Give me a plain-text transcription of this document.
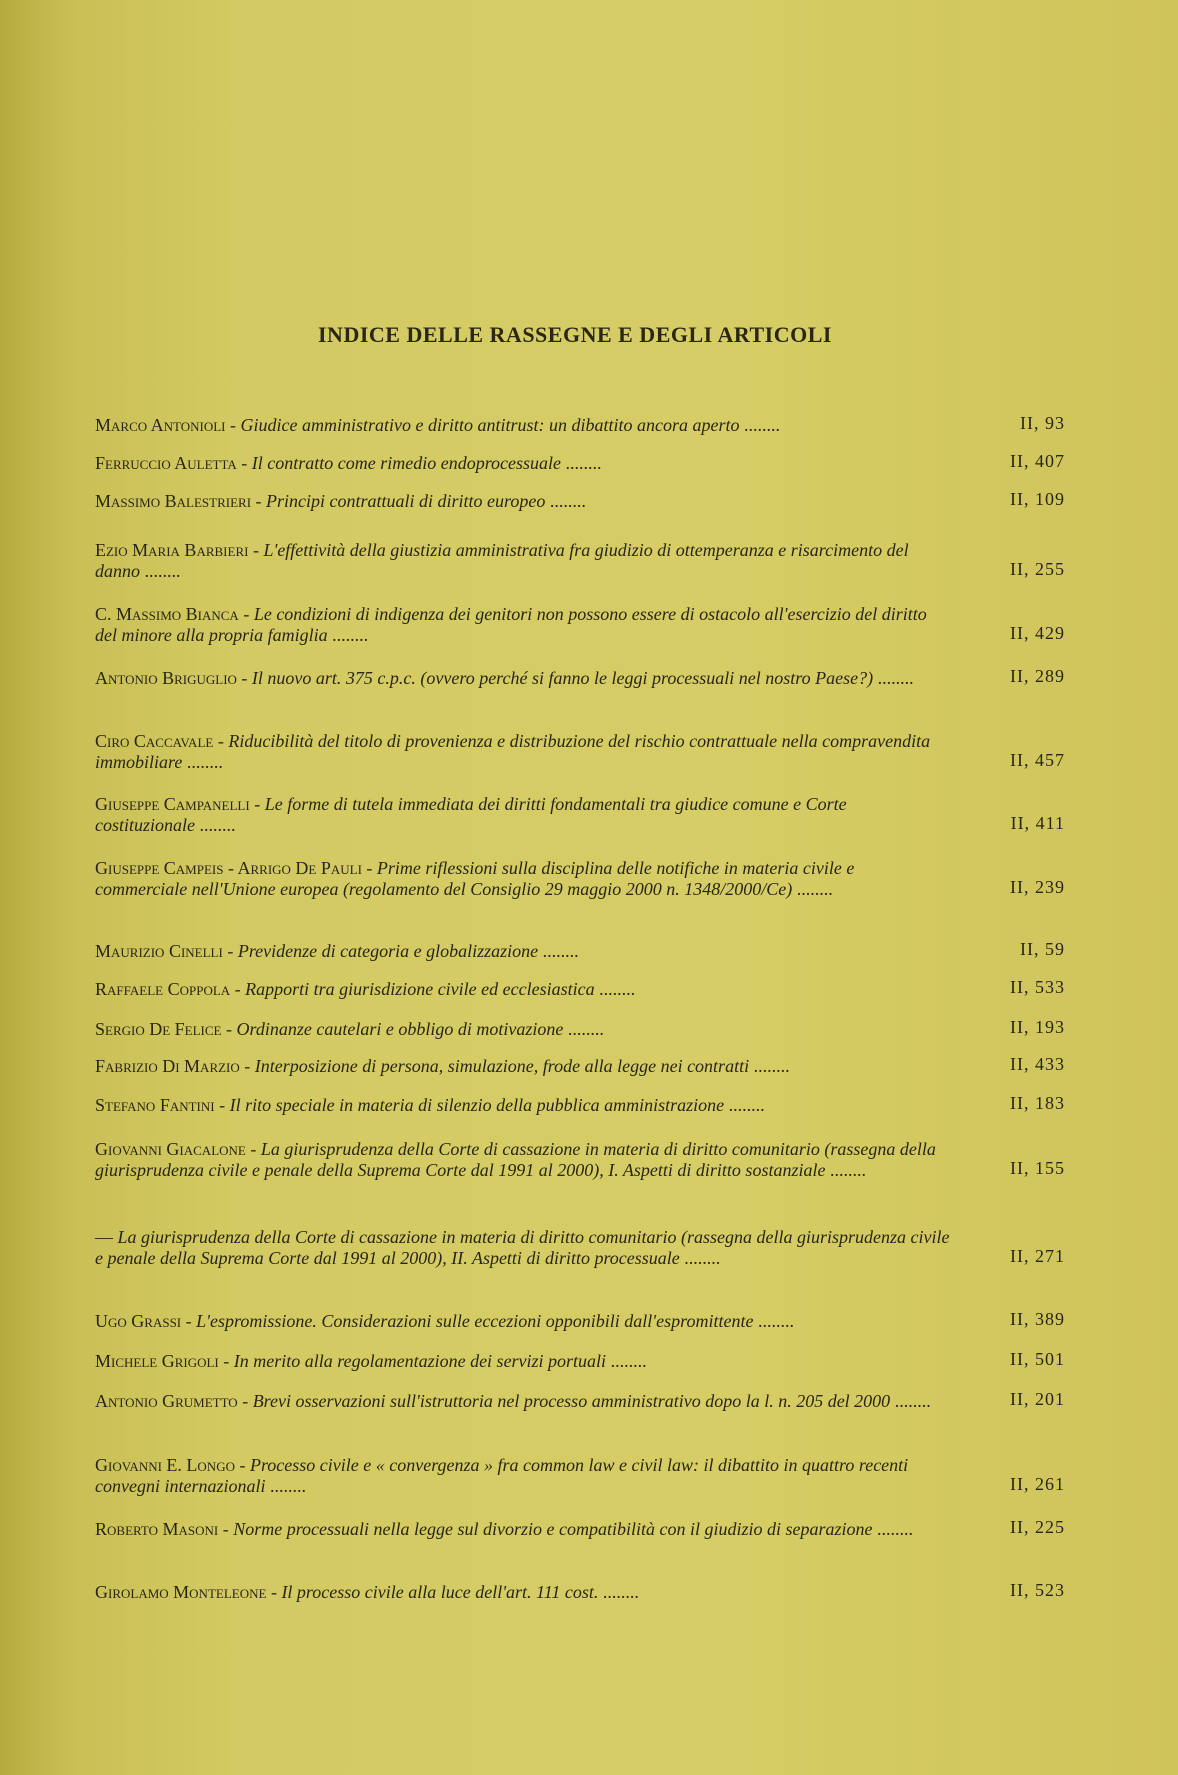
INDICE DELLE RASSEGNE E DEGLI ARTICOLI
Marco Antonioli - Giudice amministrativo e diritto antitrust: un dibattito ancora aperto ........	II, 93
Ferruccio Auletta - Il contratto come rimedio endoprocessuale ........	II, 407
Massimo Balestrieri - Principi contrattuali di diritto europeo ........	II, 109
Ezio Maria Barbieri - L'effettività della giustizia amministrativa fra giudizio di ottemperanza e risarcimento del danno ........	II, 255
C. Massimo Bianca - Le condizioni di indigenza dei genitori non possono essere di ostacolo all'esercizio del diritto del minore alla propria famiglia ........	II, 429
Antonio Briguglio - Il nuovo art. 375 c.p.c. (ovvero perché si fanno le leggi processuali nel nostro Paese?) ........	II, 289
Ciro Caccavale - Riducibilità del titolo di provenienza e distribuzione del rischio contrattuale nella compravendita immobiliare ........	II, 457
Giuseppe Campanelli - Le forme di tutela immediata dei diritti fondamentali tra giudice comune e Corte costituzionale ........	II, 411
Giuseppe Campeis - Arrigo De Pauli - Prime riflessioni sulla disciplina delle notifiche in materia civile e commerciale nell'Unione europea (regolamento del Consiglio 29 maggio 2000 n. 1348/2000/Ce) ........	II, 239
Maurizio Cinelli - Previdenze di categoria e globalizzazione ........	II, 59
Raffaele Coppola - Rapporti tra giurisdizione civile ed ecclesiastica ........	II, 533
Sergio De Felice - Ordinanze cautelari e obbligo di motivazione ........	II, 193
Fabrizio Di Marzio - Interposizione di persona, simulazione, frode alla legge nei contratti ........	II, 433
Stefano Fantini - Il rito speciale in materia di silenzio della pubblica amministrazione ........	II, 183
Giovanni Giacalone - La giurisprudenza della Corte di cassazione in materia di diritto comunitario (rassegna della giurisprudenza civile e penale della Suprema Corte dal 1991 al 2000), I. Aspetti di diritto sostanziale ........	II, 155
— La giurisprudenza della Corte di cassazione in materia di diritto comunitario (rassegna della giurisprudenza civile e penale della Suprema Corte dal 1991 al 2000), II. Aspetti di diritto processuale ........	II, 271
Ugo Grassi - L'espromissione. Considerazioni sulle eccezioni opponibili dall'espromittente ........	II, 389
Michele Grigoli - In merito alla regolamentazione dei servizi portuali ........	II, 501
Antonio Grumetto - Brevi osservazioni sull'istruttoria nel processo amministrativo dopo la l. n. 205 del 2000 ........	II, 201
Giovanni E. Longo - Processo civile e « convergenza » fra common law e civil law: il dibattito in quattro recenti convegni internazionali ........	II, 261
Roberto Masoni - Norme processuali nella legge sul divorzio e compatibilità con il giudizio di separazione ........	II, 225
Girolamo Monteleone - Il processo civile alla luce dell'art. 111 cost. ........	II, 523
